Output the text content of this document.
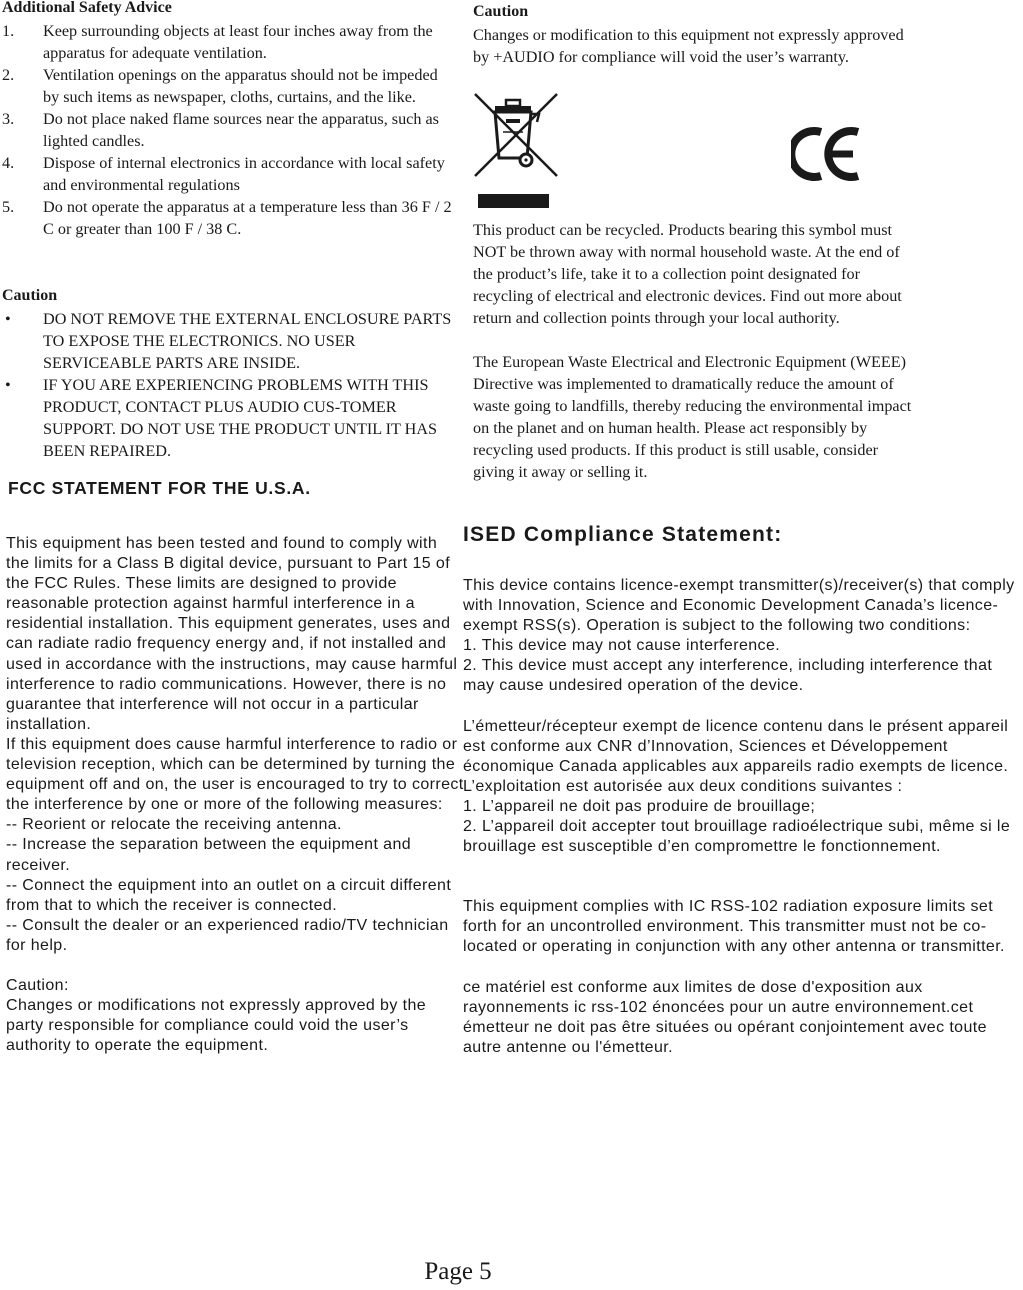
Additional Safety Advice
1. Keep surrounding objects at least four inches away from the apparatus for adequate ventilation.
2. Ventilation openings on the apparatus should not be impeded by such items as newspaper, cloths, curtains, and the like.
3. Do not place naked flame sources near the apparatus, such as lighted candles.
4. Dispose of internal electronics in accordance with local safety and environmental regulations
5. Do not operate the apparatus at a temperature less than 36 F / 2 C or greater than 100 F / 38 C.
Caution
• DO NOT REMOVE THE EXTERNAL ENCLOSURE PARTS TO EXPOSE THE ELECTRONICS. NO USER SERVICEABLE PARTS ARE INSIDE.
• IF YOU ARE EXPERIENCING PROBLEMS WITH THIS PRODUCT, CONTACT PLUS AUDIO CUS-TOMER SUPPORT. DO NOT USE THE PRODUCT UNTIL IT HAS BEEN REPAIRED.
FCC STATEMENT FOR THE U.S.A.

This equipment has been tested and found to comply with the limits for a Class B digital device, pursuant to Part 15 of the FCC Rules. These limits are designed to provide reasonable protection against harmful interference in a residential installation. This equipment generates, uses and can radiate radio frequency energy and, if not installed and used in accordance with the instructions, may cause harmful interference to radio communications. However, there is no guarantee that interference will not occur in a particular installation.

If this equipment does cause harmful interference to radio or television reception, which can be determined by turning the equipment off and on, the user is encouraged to try to correct the interference by one or more of the following measures:

-- Reorient or relocate the receiving antenna.

-- Increase the separation between the equipment and receiver.

-- Connect the equipment into an outlet on a circuit different from that to which the receiver is connected.

-- Consult the dealer or an experienced radio/TV technician for help.

Caution:

Changes or modifications not expressly approved by the party responsible for compliance could void the user’s authority to operate the equipment.

Caution

Changes or modification to this equipment not expressly approved by +AUDIO for compliance will void the user’s warranty.

This product can be recycled. Products bearing this symbol must NOT be thrown away with normal household waste. At the end of the product’s life, take it to a collection point designated for recycling of electrical and electronic devices. Find out more about return and collection points through your local authority.

The European Waste Electrical and Electronic Equipment (WEEE) Directive was implemented to dramatically reduce the amount of waste going to landfills, thereby reducing the environmental impact on the planet and on human health. Please act responsibly by recycling used products. If this product is still usable, consider giving it away or selling it.

ISED Compliance Statement:

This device contains licence-exempt transmitter(s)/receiver(s) that comply with Innovation, Science and Economic Development Canada’s licence-exempt RSS(s). Operation is subject to the following two conditions:

1. This device may not cause interference.

2. This device must accept any interference, including interference that may cause undesired operation of the device.

L’émetteur/récepteur exempt de licence contenu dans le présent appareil est conforme aux CNR d’Innovation, Sciences et Développement économique Canada applicables aux appareils radio exempts de licence. L’exploitation est autorisée aux deux conditions suivantes :

1. L’appareil ne doit pas produire de brouillage;

2. L’appareil doit accepter tout brouillage radioélectrique subi, même si le brouillage est susceptible d’en compromettre le fonctionnement.

This equipment complies with IC RSS-102 radiation exposure limits set forth for an uncontrolled environment. This transmitter must not be co-located or operating in conjunction with any other antenna or transmitter.

ce matériel est conforme aux limites de dose d'exposition aux rayonnements ic rss-102 énoncées pour un autre environnement.cet émetteur ne doit pas être situées ou opérant conjointement avec toute autre antenne ou l'émetteur.

Page 5
